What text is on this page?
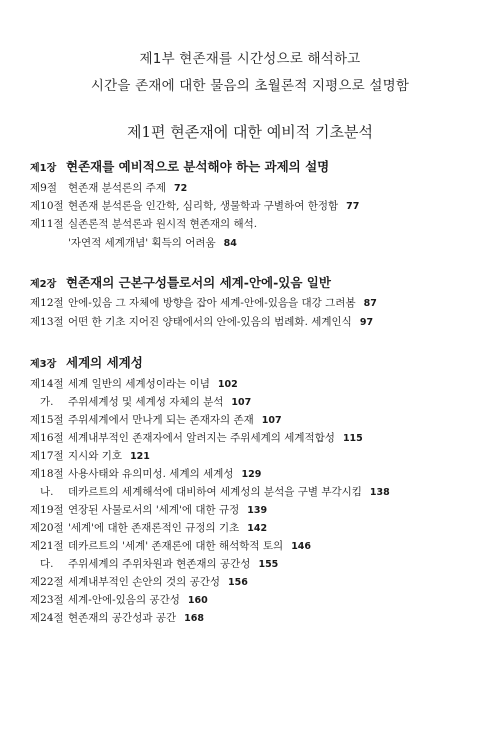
제1부 현존재를 시간성으로 해석하고
시간을 존재에 대한 물음의 초월론적 지평으로 설명함
제1편 현존재에 대한 예비적 기초분석
제1장 현존재를 예비적으로 분석해야 하는 과제의 설명
제9절 현존재 분석론의 주제 72
제10절 현존재 분석론을 인간학, 심리학, 생물학과 구별하여 한정함 77
제11절 실존론적 분석론과 원시적 현존재의 해석.
'자연적 세계개념' 획득의 어려움 84
제2장 현존재의 근본구성틀로서의 세계-안에-있음 일반
제12절 안에-있음 그 자체에 방향을 잡아 세계-안에-있음을 대강 그려봄 87
제13절 어떤 한 기초 지어진 양태에서의 안에-있음의 범례화. 세계인식 97
제3장 세계의 세계성
제14절 세계 일반의 세계성이라는 이념 102
가. 주위세계성 및 세계성 자체의 분석 107
제15절 주위세계에서 만나게 되는 존재자의 존재 107
제16절 세계내부적인 존재자에서 알려지는 주위세계의 세계적합성 115
제17절 지시와 기호 121
제18절 사용사태와 유의미성. 세계의 세계성 129
나. 데카르트의 세계해석에 대비하여 세계성의 분석을 구별 부각시킴 138
제19절 연장된 사물로서의 '세계'에 대한 규정 139
제20절 '세계'에 대한 존재론적인 규정의 기초 142
제21절 데카르트의 '세계' 존재론에 대한 해석학적 토의 146
다. 주위세계의 주위차원과 현존재의 공간성 155
제22절 세계내부적인 손안의 것의 공간성 156
제23절 세계-안에-있음의 공간성 160
제24절 현존재의 공간성과 공간 168
